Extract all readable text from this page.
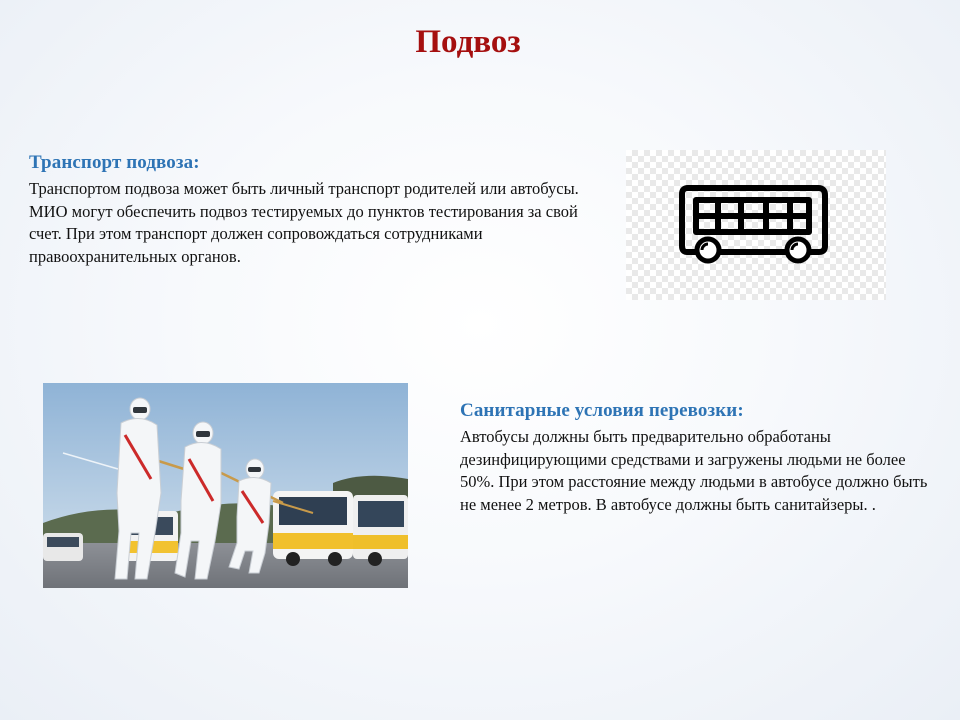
Подвоз
Транспорт подвоза:

Транспортом подвоза может быть личный транспорт родителей или автобусы. МИО могут обеспечить подвоз тестируемых до пунктов тестирования за свой счет. При этом транспорт должен сопровождаться сотрудниками правоохранительных органов.

Санитарные условия перевозки:

Автобусы должны быть предварительно обработаны дезинфицирующими средствами и загружены людьми не более 50%. При этом расстояние между людьми в автобусе должно быть не менее 2 метров. В автобусе должны быть санитайзеры. .
